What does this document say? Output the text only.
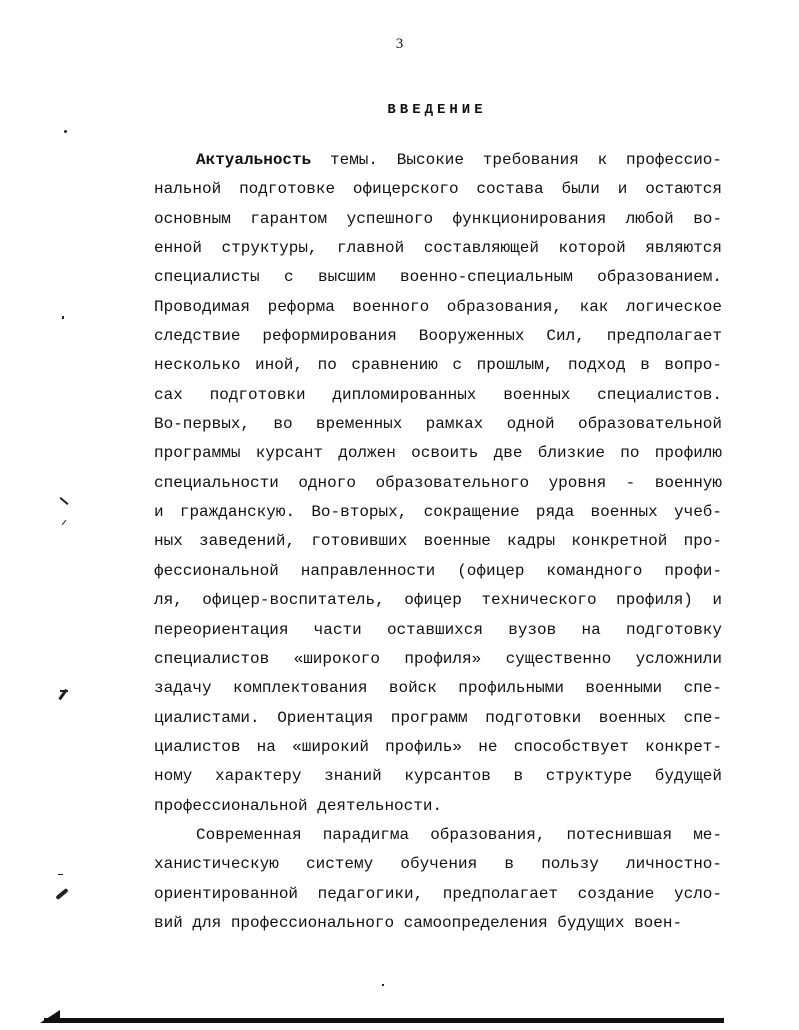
3
ВВЕДЕНИЕ
Актуальность темы. Высокие требования к профессио-
нальной подготовке офицерского состава были и остаются
основным гарантом успешного функционирования любой во-
енной структуры, главной составляющей которой являются
специалисты с высшим военно-специальным образованием.
Проводимая реформа военного образования, как логическое
следствие реформирования Вооруженных Сил, предполагает
несколько иной, по сравнению с прошлым, подход в вопро-
сах подготовки дипломированных военных специалистов.
Во-первых, во временных рамках одной образовательной
программы курсант должен освоить две близкие по профилю
специальности одного образовательного уровня - военную
и гражданскую. Во-вторых, сокращение ряда военных учеб-
ных заведений, готовивших военные кадры конкретной про-
фессиональной направленности (офицер командного профи-
ля, офицер-воспитатель, офицер технического профиля) и
переориентация части оставшихся вузов на подготовку
специалистов «широкого профиля» существенно усложнили
задачу комплектования войск профильными военными спе-
циалистами. Ориентация программ подготовки военных спе-
циалистов на «широкий профиль» не способствует конкрет-
ному характеру знаний курсантов в структуре будущей
профессиональной деятельности.
Современная парадигма образования, потеснившая ме-
ханистическую систему обучения в пользу личностно-
ориентированной педагогики, предполагает создание усло-
вий для профессионального самоопределения будущих воен-
